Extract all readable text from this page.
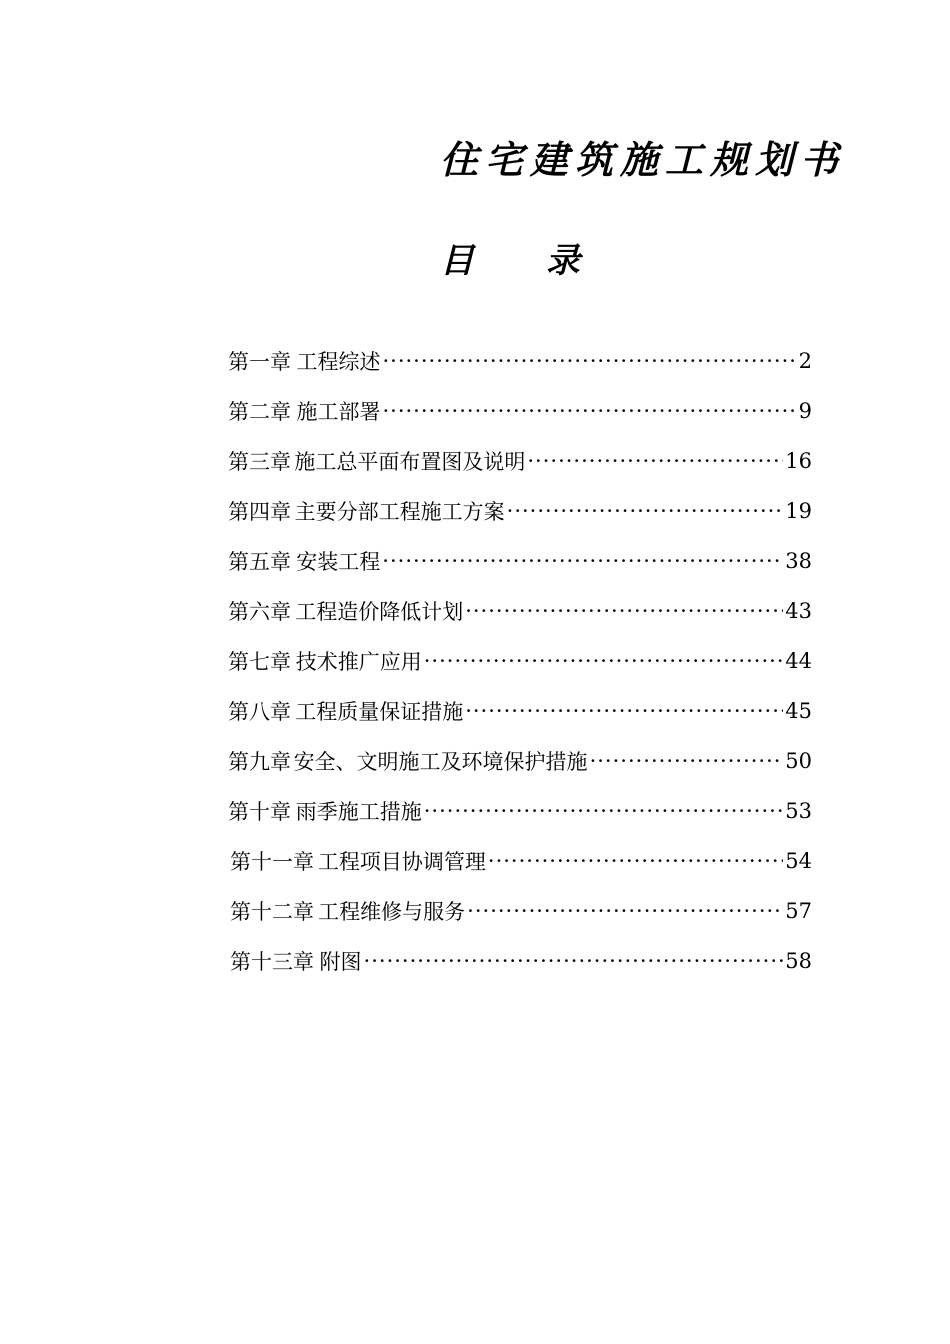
住宅建筑施工规划书
目 录
第一章 工程综述 ·····	2
第二章 施工部署 ·····	9
第三章 施工总平面布置图及说明 ·····	16
第四章 主要分部工程施工方案 ·····	19
第五章 安装工程 ·····	38
第六章 工程造价降低计划 ·····	43
第七章 技术推广应用 ·····	44
第八章 工程质量保证措施 ·····	45
第九章 安全、文明施工及环境保护措施 ·····	50
第十章 雨季施工措施 ·····	53
第十一章 工程项目协调管理 ·····	54
第十二章 工程维修与服务 ·····	57
第十三章 附图 ·····	58
